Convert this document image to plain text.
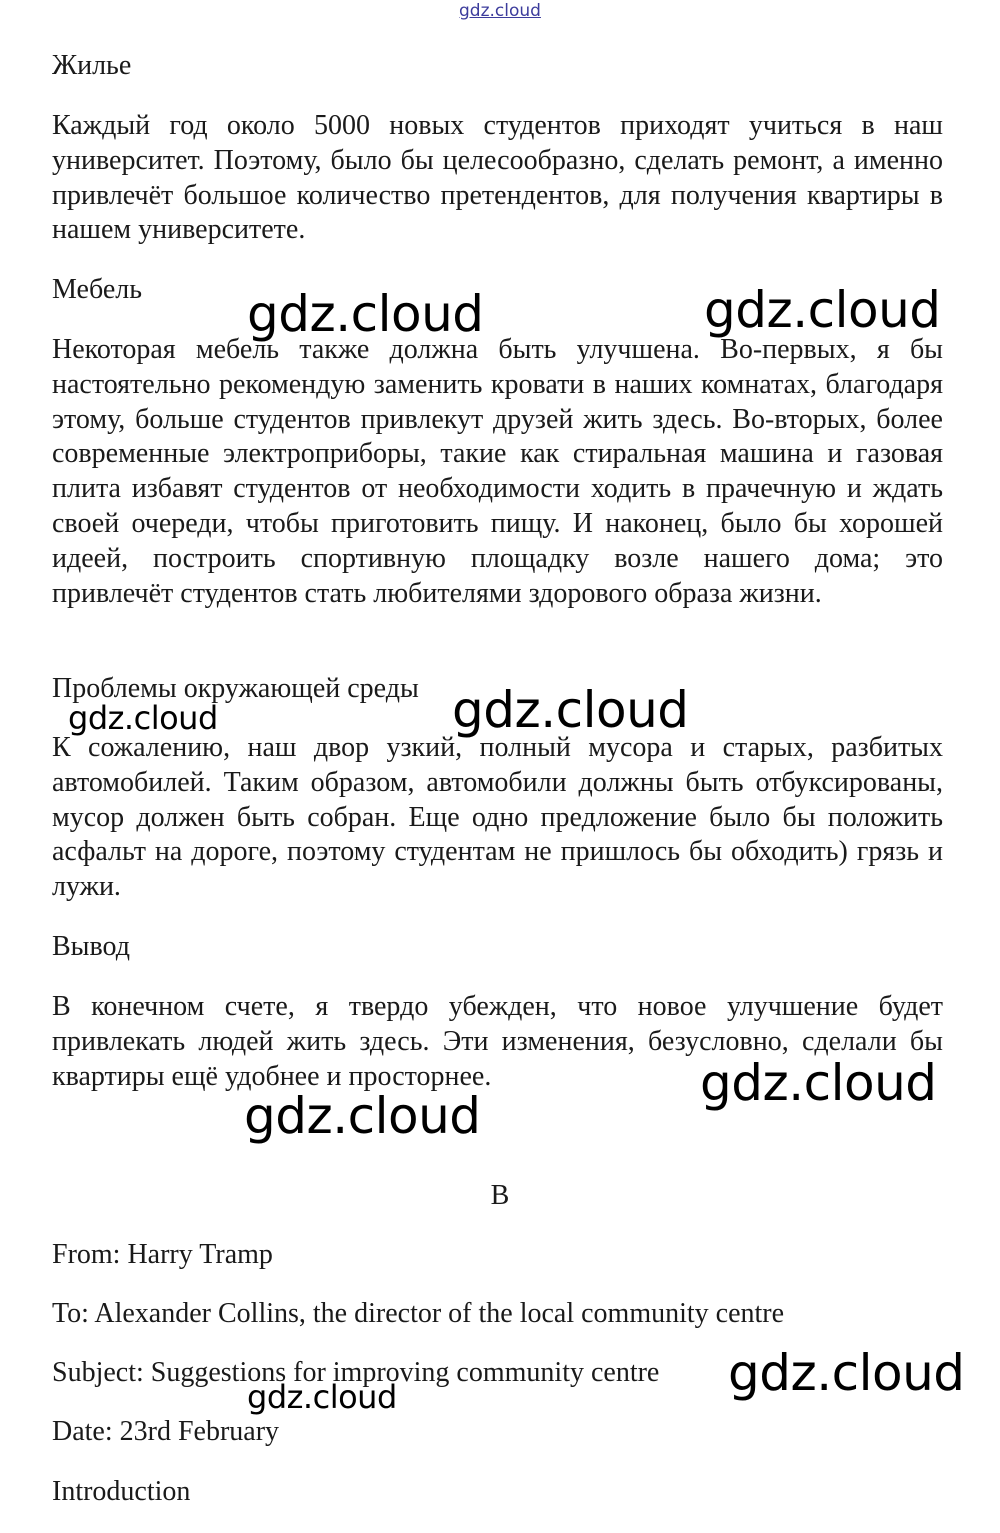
gdz.cloud
Жилье
Каждый год около 5000 новых студентов приходят учиться в наш университет. Поэтому, было бы целесообразно, сделать ремонт, а именно привлечёт большое количество претендентов, для получения квартиры в нашем университете.
Мебель
Некоторая мебель также должна быть улучшена. Во-первых, я бы настоятельно рекомендую заменить кровати в наших комнатах, благодаря этому, больше студентов привлекут друзей жить здесь. Во-вторых, более современные электроприборы, такие как стиральная машина и газовая плита избавят студентов от необходимости ходить в прачечную и ждать своей очереди, чтобы приготовить пищу. И наконец, было бы хорошей идеей, построить спортивную площадку возле нашего дома; это привлечёт студентов стать любителями здорового образа жизни.
Проблемы окружающей среды
К сожалению, наш двор узкий, полный мусора и старых, разбитых автомобилей. Таким образом, автомобили должны быть отбуксированы, мусор должен быть собран. Еще одно предложение было бы положить асфальт на дороге, поэтому студентам не пришлось бы обходить) грязь и лужи.
Вывод
В конечном счете, я твердо убежден, что новое улучшение будет привлекать людей жить здесь. Эти изменения, безусловно, сделали бы квартиры ещё удобнее и просторнее.
B
From: Harry Tramp
To: Alexander Collins, the director of the local community centre
Subject: Suggestions for improving community centre
Date: 23rd February
Introduction
gdz.cloud	gdz.cloud
gdz.cloud
gdz.cloud
gdz.cloud
gdz.cloud
gdz.cloud
gdz.cloud
